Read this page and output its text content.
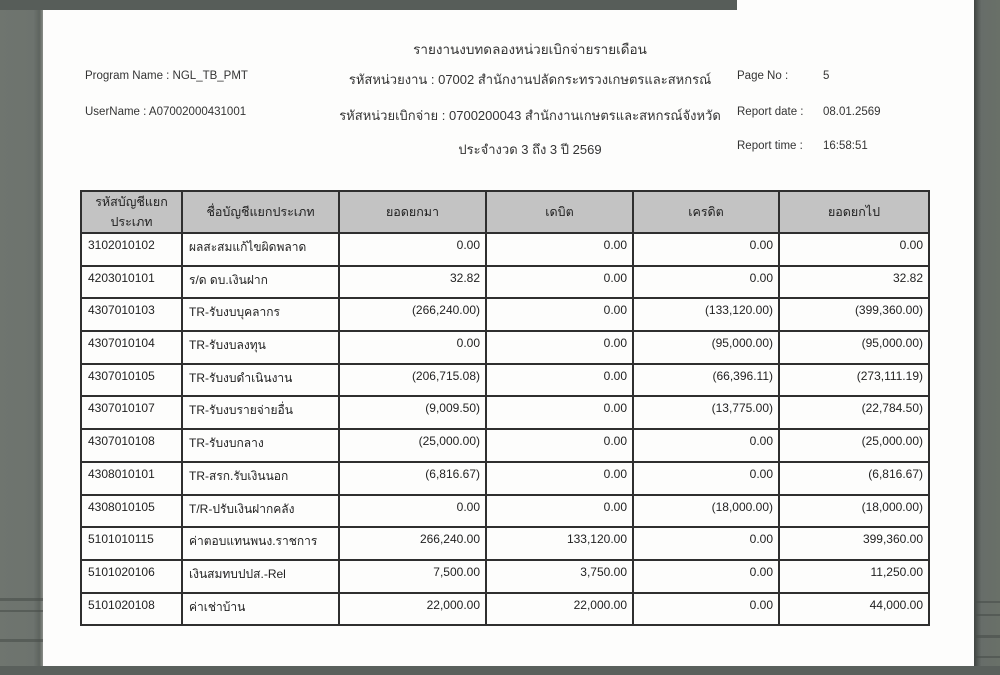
รายงานงบทดลองหน่วยเบิกจ่ายรายเดือน
Program Name : NGL_TB_PMT
UserName : A07002000431001
รหัสหน่วยงาน : 07002 สำนักงานปลัดกระทรวงเกษตรและสหกรณ์
รหัสหน่วยเบิกจ่าย : 0700200043 สำนักงานเกษตรและสหกรณ์จังหวัด
ประจำงวด 3 ถึง 3 ปี 2569
Page No :	5
Report date : 08.01.2569
Report time : 16:58:51
รหัสบัญชีแยกประเภท	ชื่อบัญชีแยกประเภท	ยอดยกมา	เดบิต	เครดิต	ยอดยกไป
3102010102	ผลสะสมแก้ไขผิดพลาด	0.00	0.00	0.00	0.00
4203010101	ร/ด ดบ.เงินฝาก	32.82	0.00	0.00	32.82
4307010103	TR-รับงบบุคลากร	(266,240.00)	0.00	(133,120.00)	(399,360.00)
4307010104	TR-รับงบลงทุน	0.00	0.00	(95,000.00)	(95,000.00)
4307010105	TR-รับงบดำเนินงาน	(206,715.08)	0.00	(66,396.11)	(273,111.19)
4307010107	TR-รับงบรายจ่ายอื่น	(9,009.50)	0.00	(13,775.00)	(22,784.50)
4307010108	TR-รับงบกลาง	(25,000.00)	0.00	0.00	(25,000.00)
4308010101	TR-สรก.รับเงินนอก	(6,816.67)	0.00	0.00	(6,816.67)
4308010105	T/R-ปรับเงินฝากคลัง	0.00	0.00	(18,000.00)	(18,000.00)
5101010115	ค่าตอบแทนพนง.ราชการ	266,240.00	133,120.00	0.00	399,360.00
5101020106	เงินสมทบปปส.-Rel	7,500.00	3,750.00	0.00	11,250.00
5101020108	ค่าเช่าบ้าน	22,000.00	22,000.00	0.00	44,000.00
